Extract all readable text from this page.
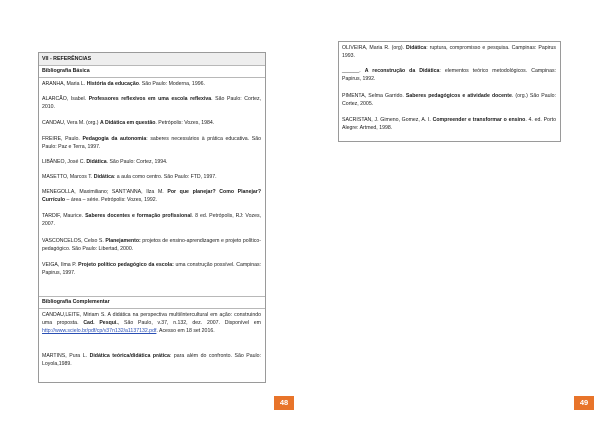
VII - REFERÊNCIAS
Bibliografia Básica
ARANHA, Maria L. História da educação. São Paulo: Moderna, 1996.
ALARCÃO, Isabel. Professores reflexivos em uma escola reflexiva. São Paulo: Cortez, 2010.
CANDAU, Vera M. (org.) A Didática em questão. Petrópolis: Vozes, 1984.
FREIRE, Paulo. Pedagogia da autonomia: saberes necessários à prática educativa. São Paulo: Paz e Terra, 1997.
LIBÂNEO, José C. Didática. São Paulo: Cortez, 1994.
MASETTO, Marcos T. Didática: a aula como centro. São Paulo: FTD, 1997.
MENEGOLLA, Maximiliano; SANT'ANNA, Ilza M. Por que planejar? Como Planejar? Currículo – área – série. Petrópolis: Vozes, 1992.
TARDIF, Maurice. Saberes docentes e formação profissional. 8 ed. Petrópolis, RJ: Vozes, 2007.
VASCONCELOS, Celso S. Planejamento: projetos de ensino-aprendizagem e projeto político-pedagógico. São Paulo: Libertad, 2000.
VEIGA, Ilma P. Projeto político pedagógico da escola: uma construção possível. Campinas: Papirus, 1997.
Bibliografia Complementar
CANDAU,LEITE, Miriam S. A didática na perspectiva multi/intercultural em ação: construindo uma proposta. Cad. Pesqui., São Paulo, v.37, n.132, dez. 2007. Disponível em http://www.scielo.br/pdf/cp/v37n132/a1137132.pdf. Acesso em 18 set 2016.
MARTINS, Pura L. Didática teórica/didática prática: para além do confronto. São Paulo: Loyola,1989.
48
OLIVEIRA, Maria R. (org). Didática: ruptura, compromisso e pesquisa. Campinas: Papirus 1993.
______. A reconstrução da Didática: elementos teórico metodológicos. Campinas: Papirus, 1992.
PIMENTA, Selma Garrido. Saberes pedagógicos e atividade docente. (org.) São Paulo: Cortez, 2005.
SACRISTAN, J. Gimeno, Gomez, A. I. Compreender e transformar o ensino. 4. ed. Porto Alegre: Artmed, 1998.
49
